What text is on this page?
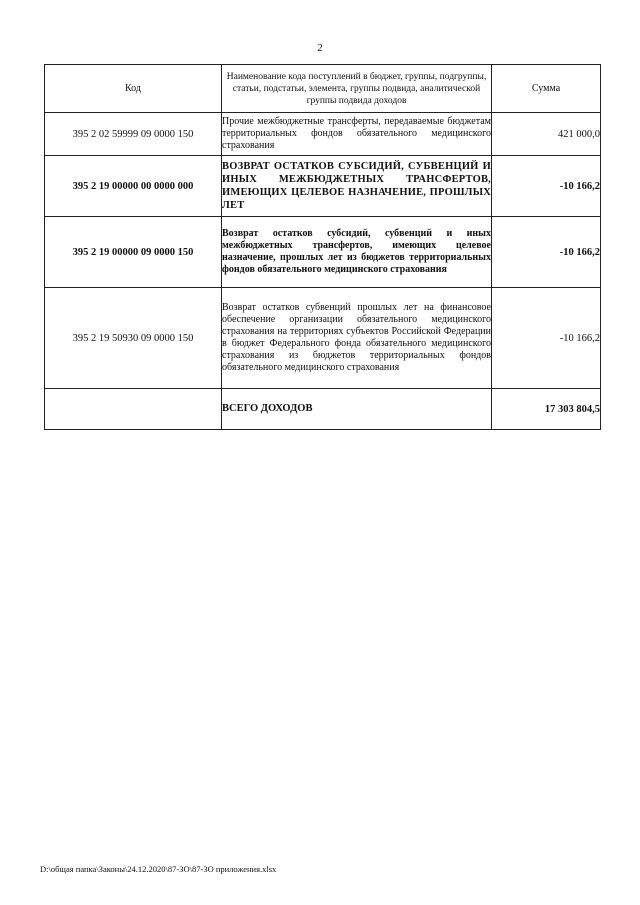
2
Код	Наименование кода поступлений в бюджет, группы, подгруппы, статьи, подстатьи, элемента, группы подвида, аналитической группы подвида доходов	Сумма
395 2 02 59999 09 0000 150	Прочие межбюджетные трансферты, передаваемые бюджетам территориальных фондов обязательного медицинского страхования	421 000,0
395 2 19 00000 00 0000 000	ВОЗВРАТ ОСТАТКОВ СУБСИДИЙ, СУБВЕНЦИЙ И ИНЫХ МЕЖБЮДЖЕТНЫХ ТРАНСФЕРТОВ, ИМЕЮЩИХ ЦЕЛЕВОЕ НАЗНАЧЕНИЕ, ПРОШЛЫХ ЛЕТ	-10 166,2
395 2 19 00000 09 0000 150	Возврат остатков субсидий, субвенций и иных межбюджетных трансфертов, имеющих целевое назначение, прошлых лет из бюджетов территориальных фондов обязательного медицинского страхования	-10 166,2
395 2 19 50930 09 0000 150	Возврат остатков субвенций прошлых лет на финансовое обеспечение организации обязательного медицинского страхования на территориях субъектов Российской Федерации в бюджет Федерального фонда обязательного медицинского страхования из бюджетов территориальных фондов обязательного медицинского страхования	-10 166,2
	ВСЕГО ДОХОДОВ	17 303 804,5
D:\общая папка\Законы\24.12.2020\87-ЗО\87-ЗО приложения.xlsx
